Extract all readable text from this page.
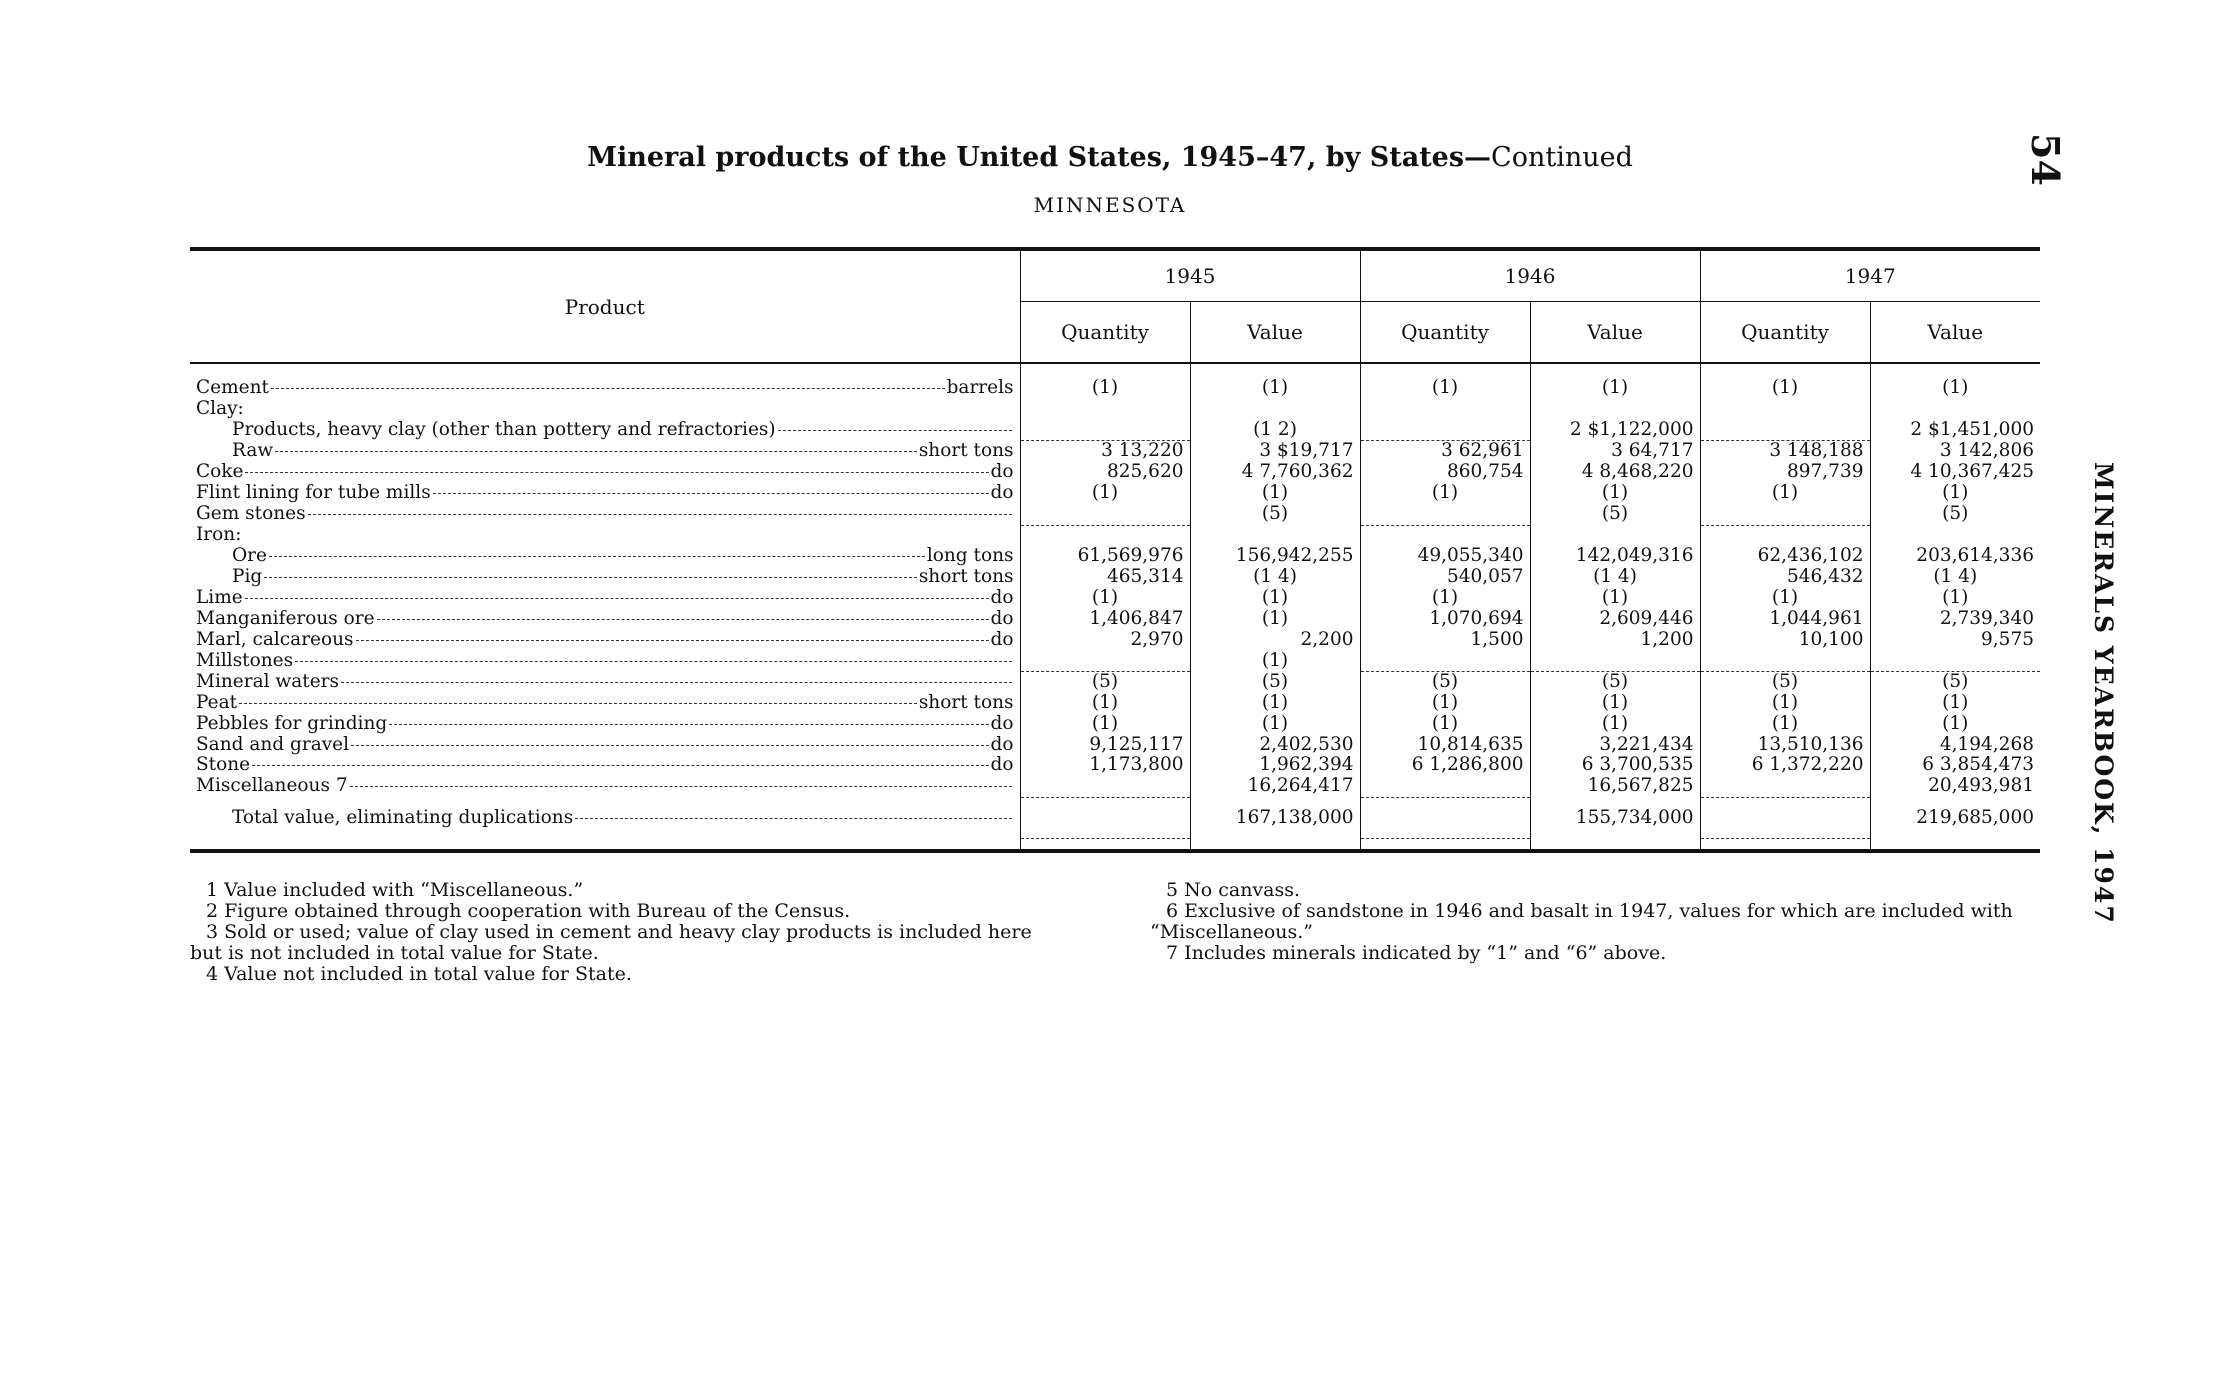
54
MINERALS YEARBOOK, 1947
Mineral products of the United States, 1945–47, by States—Continued
MINNESOTA
Product	1945		1946		1947	
	Quantity	Value	Quantity	Value	Quantity	Value

Cement barrels	(1)	(1)	(1)	(1)	(1)	(1)

Clay:						

Products, heavy clay (other than pottery and refractories)		(1 2)		2 $1,122,000		2 $1,451,000

Raw short tons	3 13,220	3 $19,717	3 62,961	3 64,717	3 148,188	3 142,806

Coke do	825,620	4 7,760,362	860,754	4 8,468,220	897,739	4 10,367,425

Flint lining for tube mills do	(1)	(1)	(1)	(1)	(1)	(1)

Gem stones		(5)		(5)		(5)

Iron:						

Ore long tons	61,569,976	156,942,255	49,055,340	142,049,316	62,436,102	203,614,336

Pig short tons	465,314	(1 4)	540,057	(1 4)	546,432	(1 4)

Lime do	(1)	(1)	(1)	(1)	(1)	(1)

Manganiferous ore do	1,406,847	(1)	1,070,694	2,609,446	1,044,961	2,739,340

Marl, calcareous do	2,970	2,200	1,500	1,200	10,100	9,575

Millstones		(1)				

Mineral waters	(5)	(5)	(5)	(5)	(5)	(5)

Peat short tons	(1)	(1)	(1)	(1)	(1)	(1)

Pebbles for grinding do	(1)	(1)	(1)	(1)	(1)	(1)

Sand and gravel do	9,125,117	2,402,530	10,814,635	3,221,434	13,510,136	4,194,268

Stone do	1,173,800	1,962,394	6 1,286,800	6 3,700,535	6 1,372,220	6 3,854,473

Miscellaneous 7		16,264,417		16,567,825		20,493,981

Total value, eliminating duplications		167,138,000		155,734,000		219,685,000

1 Value included with “Miscellaneous.”

2 Figure obtained through cooperation with Bureau of the Census.

3 Sold or used; value of clay used in cement and heavy clay products is included here

but is not included in total value for State.

4 Value not included in total value for State.

5 No canvass.

6 Exclusive of sandstone in 1946 and basalt in 1947, values for which are included with

“Miscellaneous.”

7 Includes minerals indicated by “1” and “6” above.
